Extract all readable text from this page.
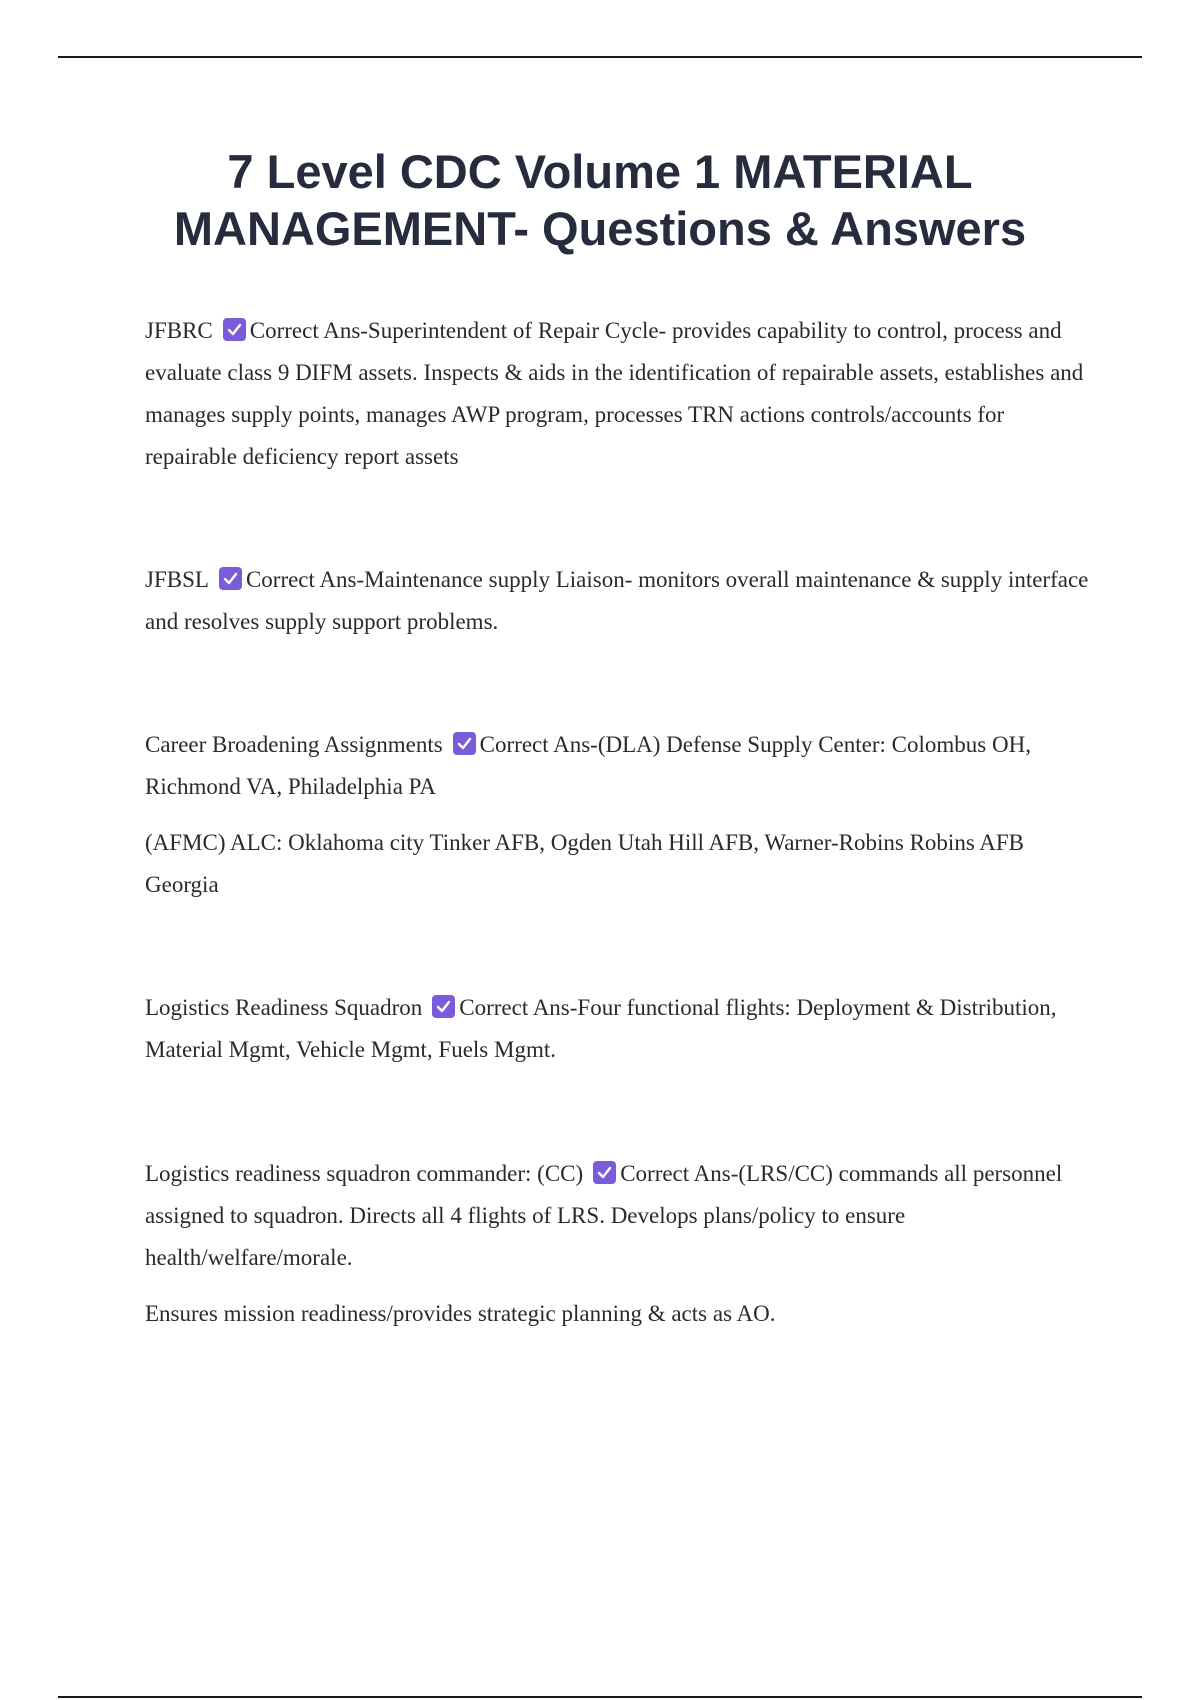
7 Level CDC Volume 1 MATERIAL MANAGEMENT- Questions & Answers

JFBRC Correct Ans-Superintendent of Repair Cycle- provides capability to control, process and evaluate class 9 DIFM assets. Inspects & aids in the identification of repairable assets, establishes and manages supply points, manages AWP program, processes TRN actions controls/accounts for repairable deficiency report assets

JFBSL Correct Ans-Maintenance supply Liaison- monitors overall maintenance & supply interface and resolves supply support problems.

Career Broadening Assignments Correct Ans-(DLA) Defense Supply Center: Colombus OH, Richmond VA, Philadelphia PA

(AFMC) ALC: Oklahoma city Tinker AFB, Ogden Utah Hill AFB, Warner-Robins Robins AFB Georgia

Logistics Readiness Squadron Correct Ans-Four functional flights: Deployment & Distribution, Material Mgmt, Vehicle Mgmt, Fuels Mgmt.

Logistics readiness squadron commander: (CC) Correct Ans-(LRS/CC) commands all personnel assigned to squadron. Directs all 4 flights of LRS. Develops plans/policy to ensure health/welfare/morale.

Ensures mission readiness/provides strategic planning & acts as AO.
